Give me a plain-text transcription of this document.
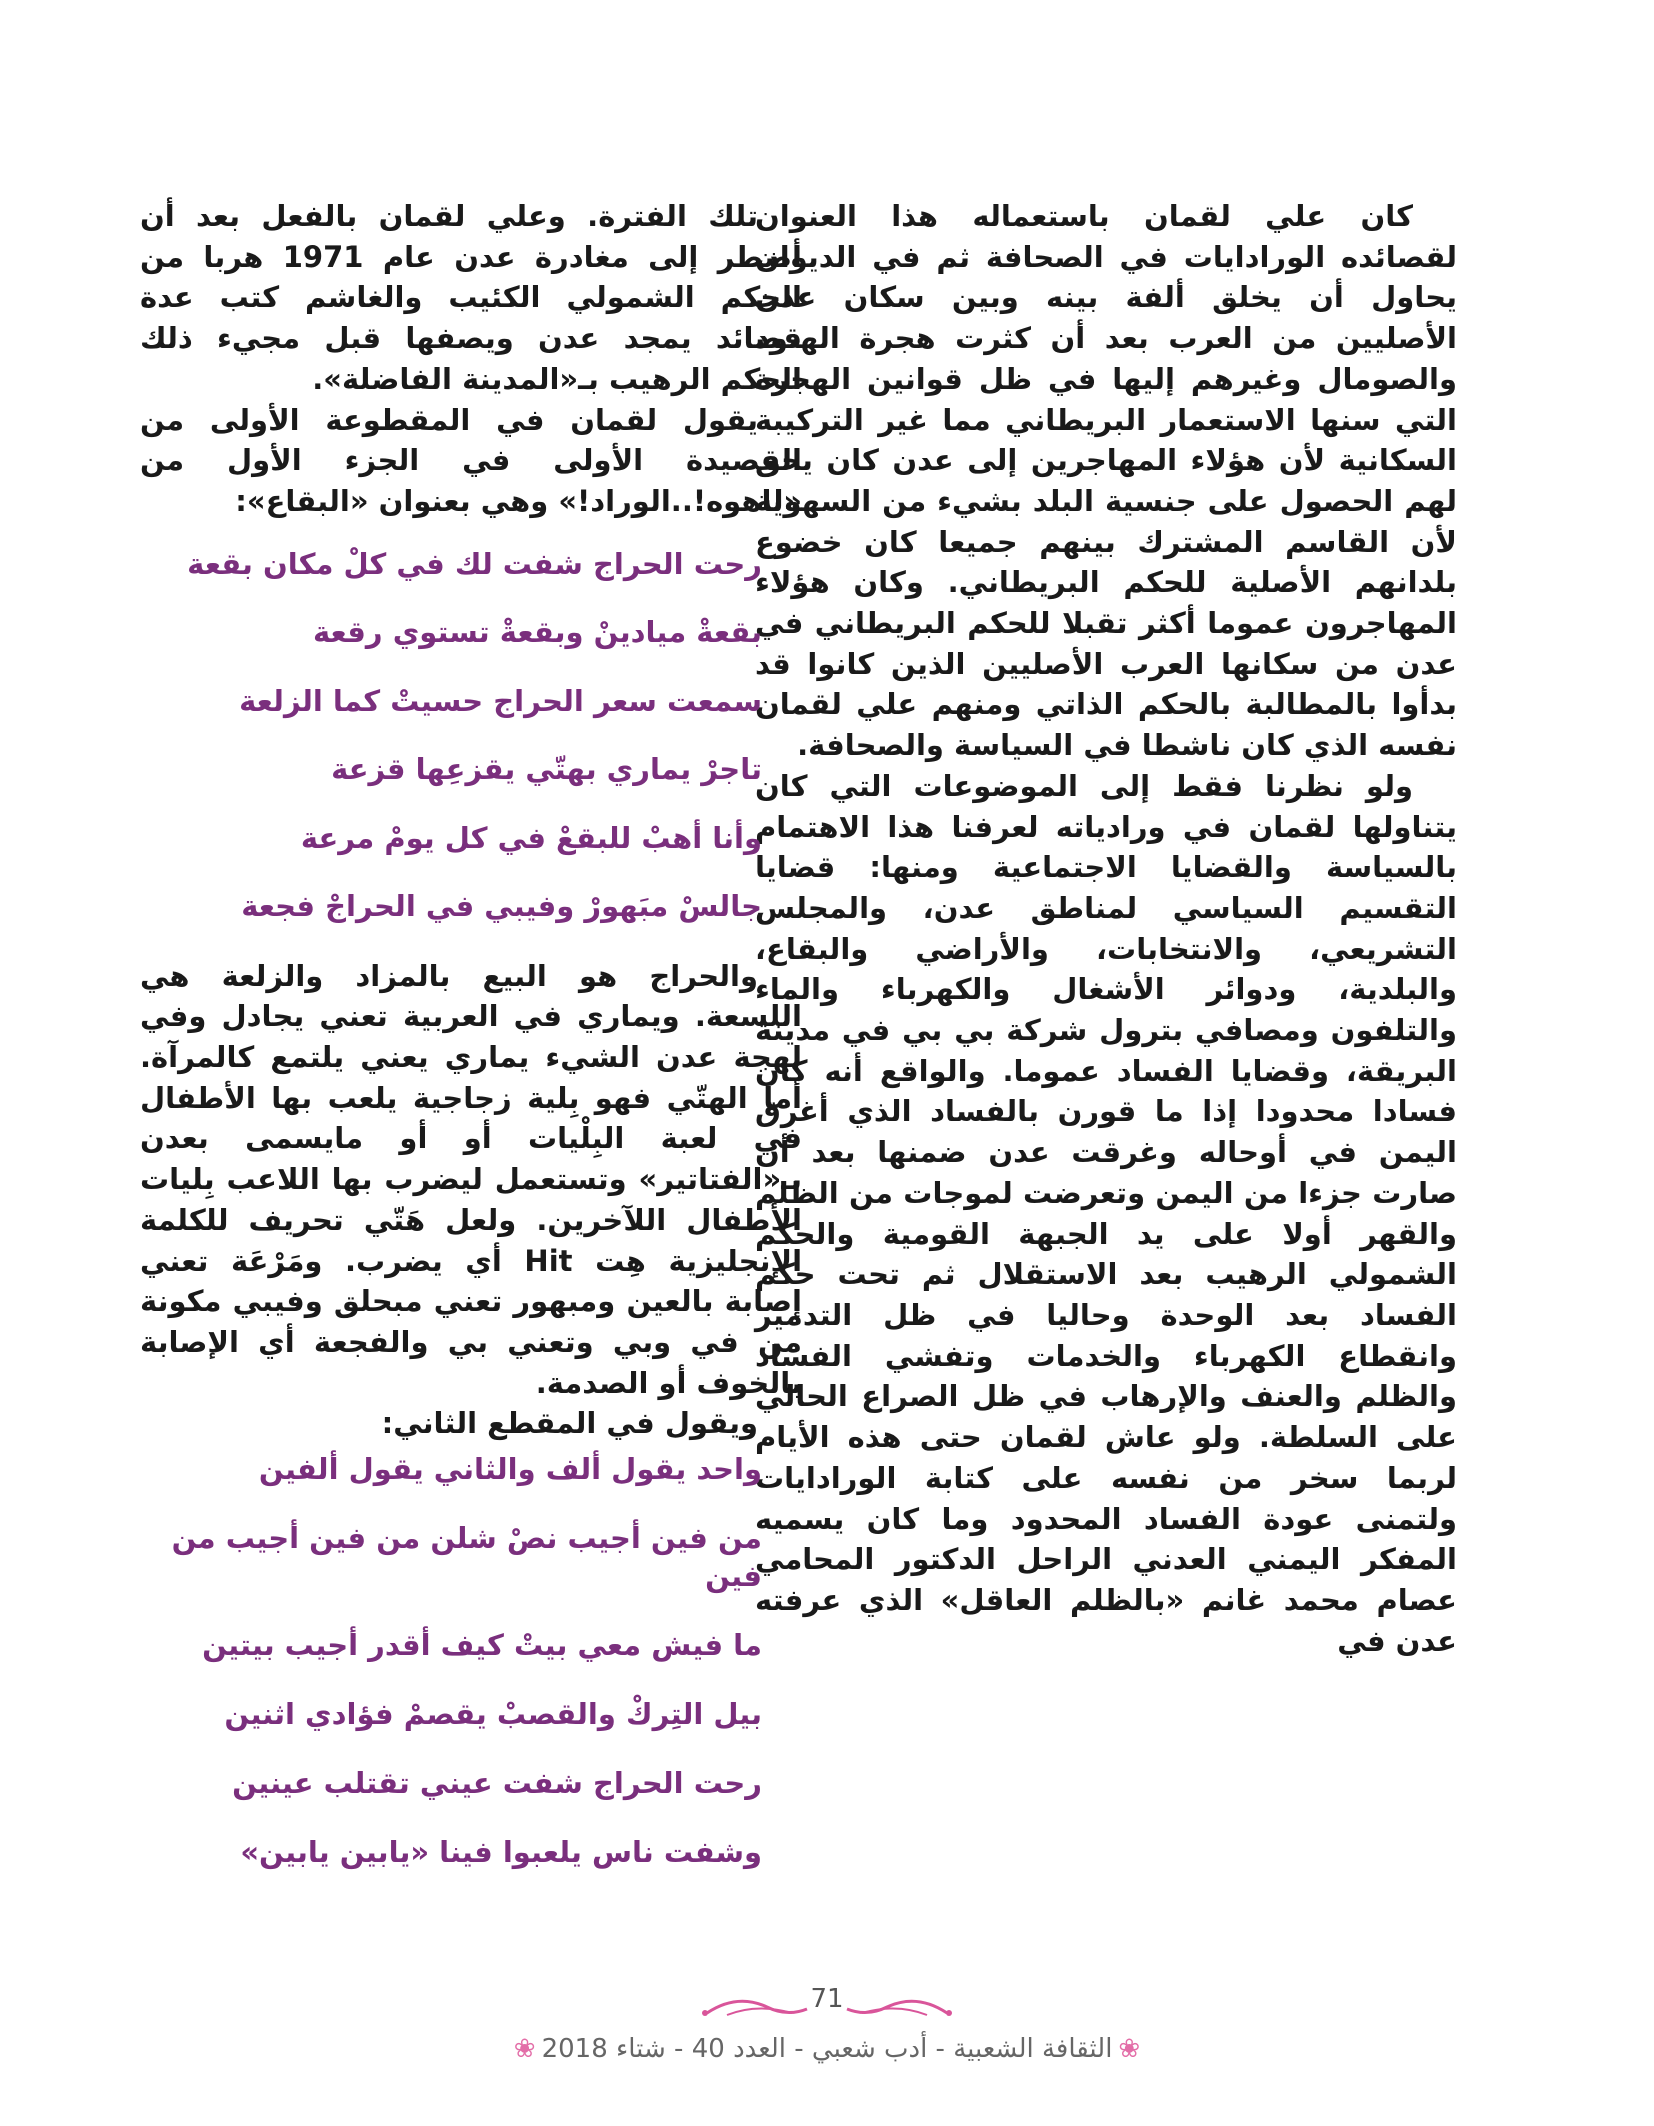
كان علي لقمان باستعماله هذا العنوان لقصائده الورادايات في الصحافة ثم في الديوان يحاول أن يخلق ألفة بينه وبين سكان عدن الأصليين من العرب بعد أن كثرت هجرة الهنود والصومال وغيرهم إليها في ظل قوانين الهجرة التي سنها الاستعمار البريطاني مما غير التركيبة السكانية لأن هؤلاء المهاجرين إلى عدن كان يحق لهم الحصول على جنسية البلد بشيء من السهولة لأن القاسم المشترك بينهم جميعا كان خضوع بلدانهم الأصلية للحكم البريطاني. وكان هؤلاء المهاجرون عموما أكثر تقبلا للحكم البريطاني في عدن من سكانها العرب الأصليين الذين كانوا قد بدأوا بالمطالبة بالحكم الذاتي ومنهم علي لقمان نفسه الذي كان ناشطا في السياسة والصحافة.

ولو نظرنا فقط إلى الموضوعات التي كان يتناولها لقمان في ورادياته لعرفنا هذا الاهتمام بالسياسة والقضايا الاجتماعية ومنها: قضايا التقسيم السياسي لمناطق عدن، والمجلس التشريعي، والانتخابات، والأراضي والبقاع، والبلدية، ودوائر الأشغال والكهرباء والماء والتلفون ومصافي بترول شركة بي بي في مدينة البريقة، وقضايا الفساد عموما. والواقع أنه كان فسادا محدودا إذا ما قورن بالفساد الذي أغرق اليمن في أوحاله وغرقت عدن ضمنها بعد أن صارت جزءا من اليمن وتعرضت لموجات من الظلم والقهر أولا على يد الجبهة القومية والحكم الشمولي الرهيب بعد الاستقلال ثم تحت حكم الفساد بعد الوحدة وحاليا في ظل التدمير وانقطاع الكهرباء والخدمات وتفشي الفساد والظلم والعنف والإرهاب في ظل الصراع الحالي على السلطة. ولو عاش لقمان حتى هذه الأيام لربما سخر من نفسه على كتابة الورادايات ولتمنى عودة الفساد المحدود وما كان يسميه المفكر اليمني العدني الراحل الدكتور المحامي عصام محمد غانم «بالظلم العاقل» الذي عرفته عدن في

تلك الفترة. وعلي لقمان بالفعل بعد أن أضطر إلى مغادرة عدن عام 1971 هربا من الحكم الشمولي الكئيب والغاشم كتب عدة قصائد يمجد عدن ويصفها قبل مجيء ذلك الحكم الرهيب بـ«المدينة الفاضلة».

يقول لقمان في المقطوعة الأولى من القصيدة الأولى في الجزء الأول من «ياهوه!..الوراد!» وهي بعنوان «البقاع»:

رحت الحراج شفت لك في كلْ مكان بقعة
بقعةْ ميادينْ وبقعةْ تستوي رقعة
سمعت سعر الحراج حسيتْ كما الزلعة
تاجرْ يماري بهتّي يقزعِها قزعة
وأنا أهبْ للبقعْ في كل يومْ مرعة
جالسْ مبَهورْ وفيبي في الحراجْ فجعة

والحراج هو البيع بالمزاد والزلعة هي اللسعة. ويماري في العربية تعني يجادل وفي لهجة عدن الشيء يماري يعني يلتمع كالمرآة. أما الهتّي فهو بِلية زجاجية يلعب بها الأطفال في لعبة البِلْيات أو أو مايسمى بعدن بـ«الفتاتير» وتستعمل ليضرب بها اللاعب بِليات الأطفال اللآخرين. ولعل هَتّي تحريف للكلمة الإنجليزية هِت Hit أي يضرب. ومَرْعَة تعني إصابة بالعين ومبهور تعني مبحلق وفيبي مكونة من في وبي وتعني بي والفجعة أي الإصابة بالخوف أو الصدمة.

ويقول في المقطع الثاني:

واحد يقول ألف والثاني يقول ألفين
من فين أجيب نصْ شلن من فين أجيب من فين
ما فيش معي بيتْ كيف أقدر أجيب بيتين
بيل التِركْ والقصبْ يقصمْ فؤادي اثنين
رحت الحراج شفت عيني تقتلب عينين
وشفت ناس يلعبوا فينا «يابين يابين»
71
❀الثقافة الشعبية - أدب شعبي - العدد 40 - شتاء 2018❀
